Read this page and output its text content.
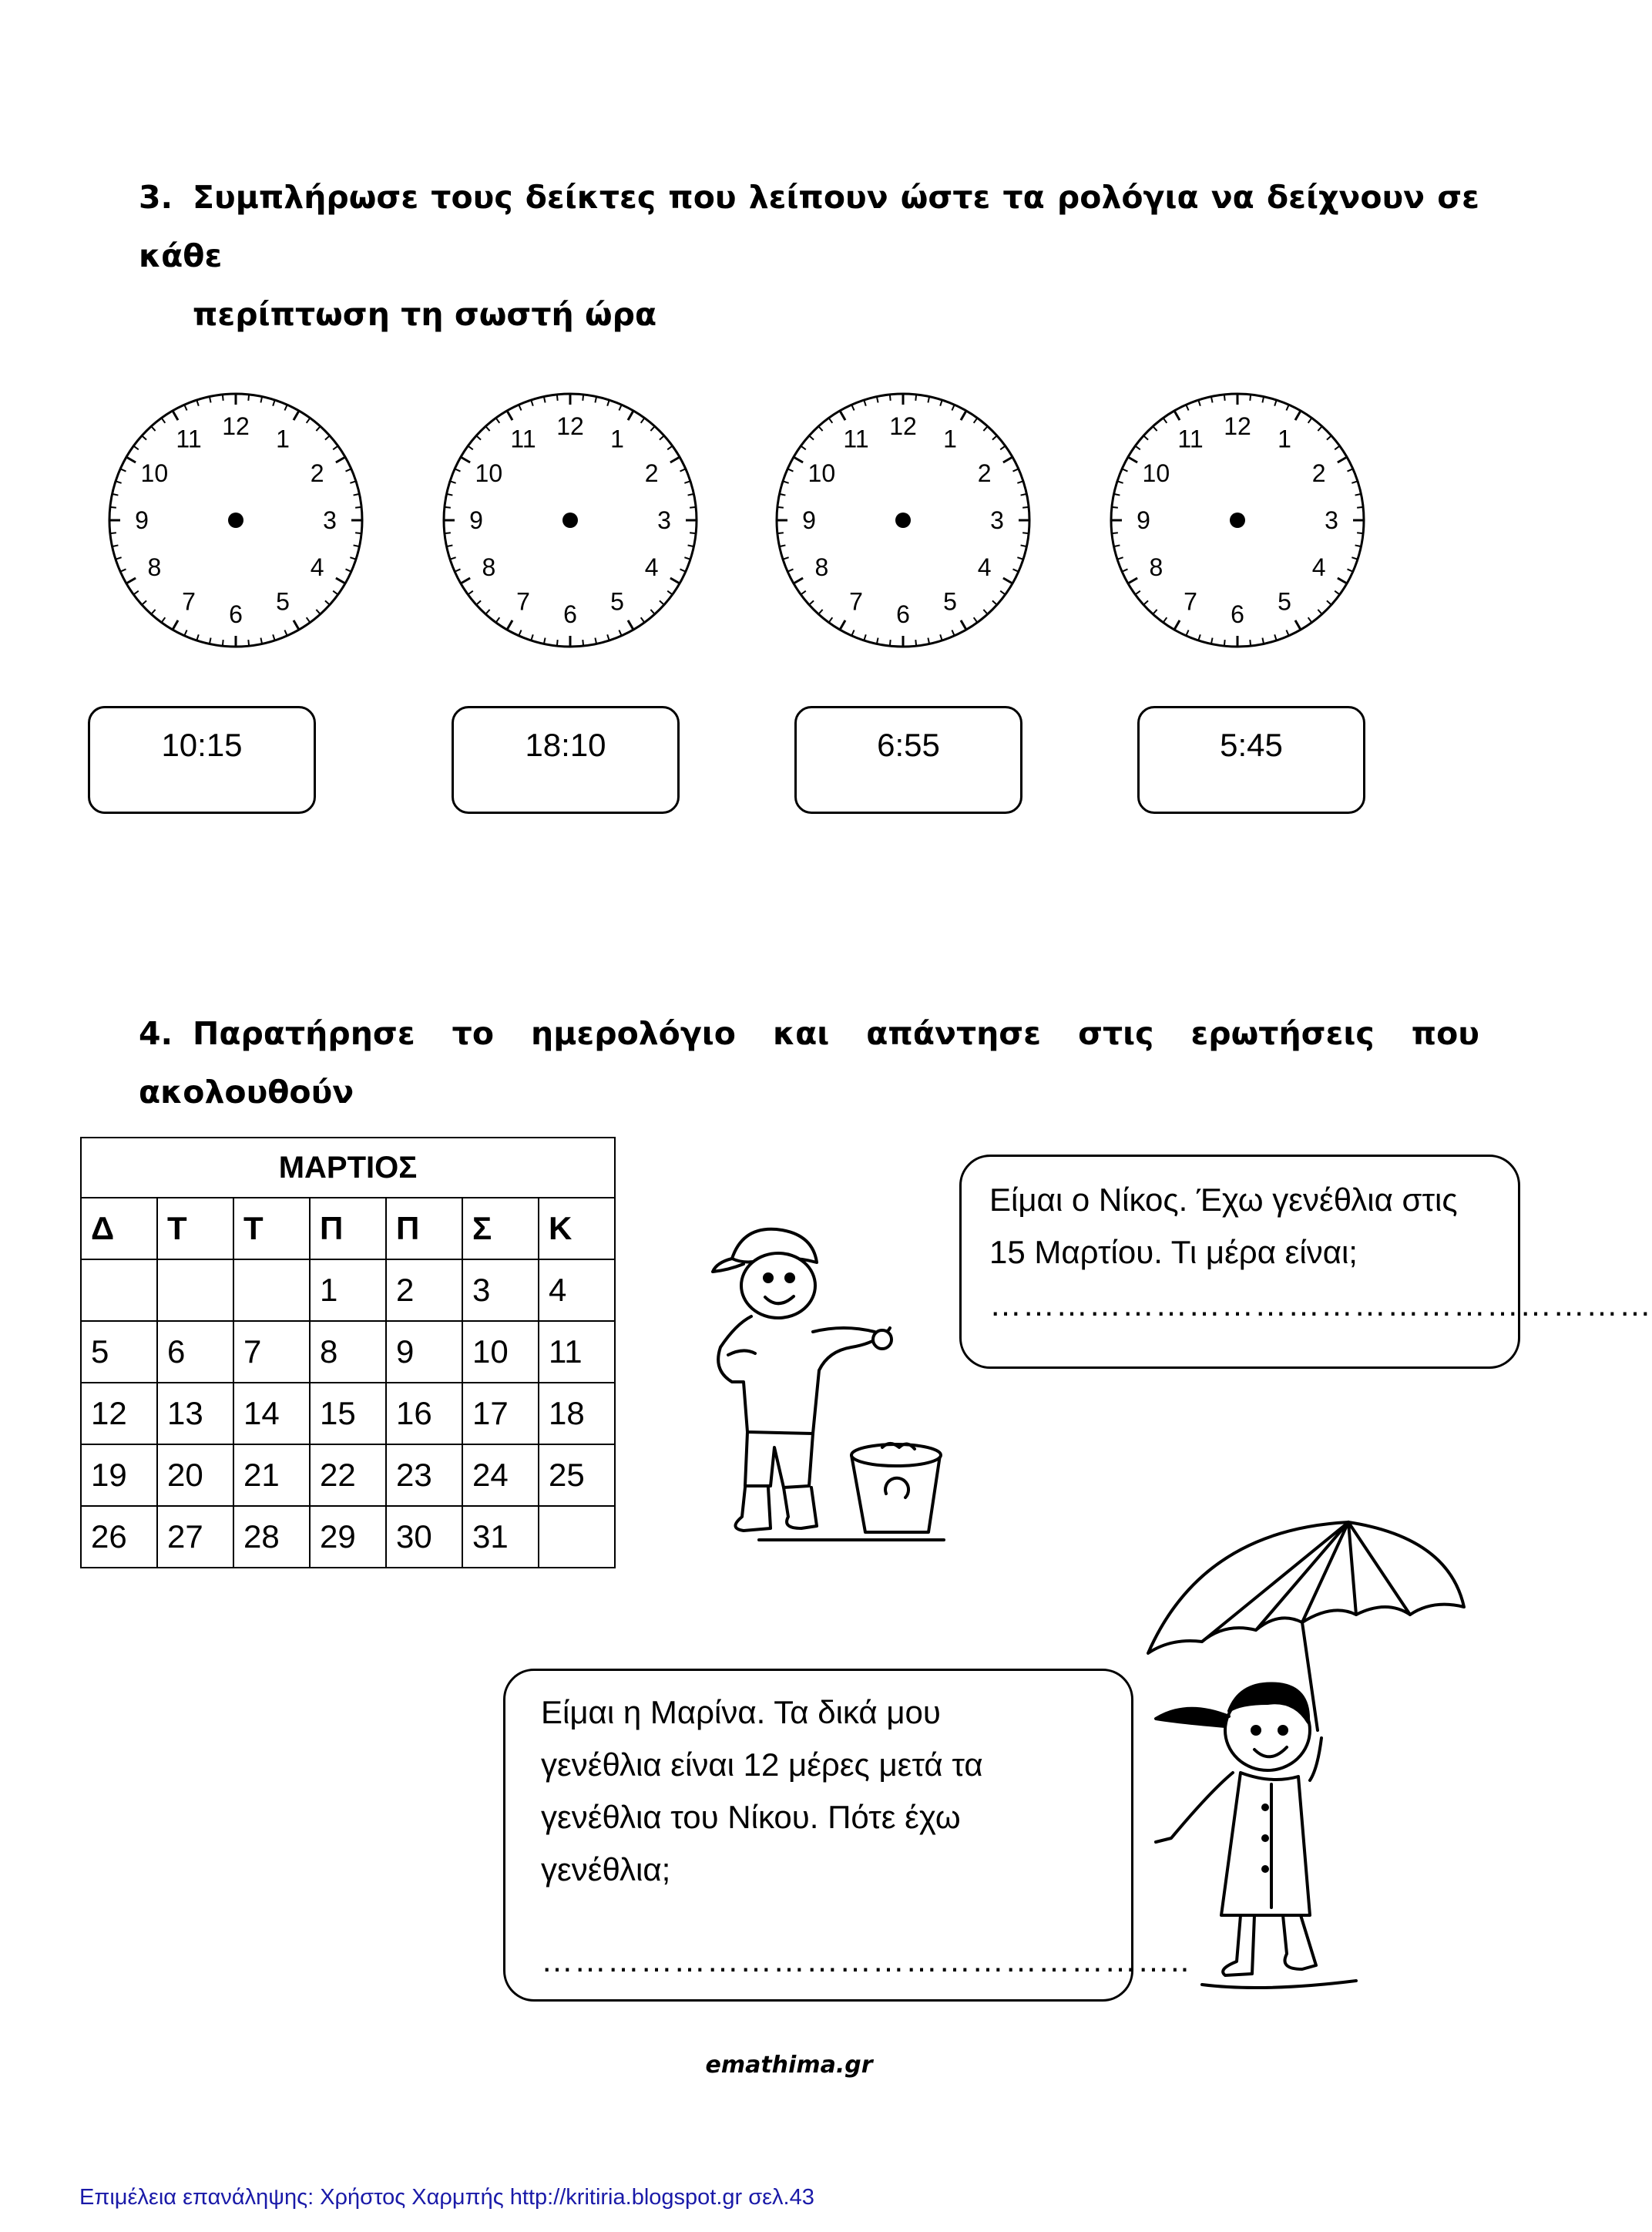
3. Συμπλήρωσε τους δείκτες που λείπουν ώστε τα ρολόγια να δείχνουν σε κάθε
περίπτωση τη σωστή ώρα
12 1
2
3
4
5
6
7
8
9
10
11	12 1
2
3
4
5
6
7
8
9
10
11	12 1
2
3
4
5
6
7
8
9
10
11	12 1
2
3
4
5
6
7
8
9
10
11
10:15	18:10	6:55	5:45
4. Παρατήρησε το ημερολόγιο και απάντησε στις ερωτήσεις που ακολουθούν
ΜΑΡΤΙΟΣ						
Δ	Τ	Τ	Π	Π	Σ	Κ
			1	2	3	4
5	6	7	8	9	10	11
12	13	14	15	16	17	18
19	20	21	22	23	24	25
26	27	28	29	30	31	
Είμαι ο Νίκος. Έχω γενέθλια στις
15 Μαρτίου. Τι μέρα είναι;
……………………………………………………
Είμαι η Μαρίνα. Τα δικά μου
γενέθλια είναι 12 μέρες μετά τα
γενέθλια του Νίκου. Πότε έχω
γενέθλια;
…………………………………………………..
emathima.gr
Επιμέλεια επανάληψης: Χρήστος Χαρμπής http://kritiria.blogspot.gr σελ.43
